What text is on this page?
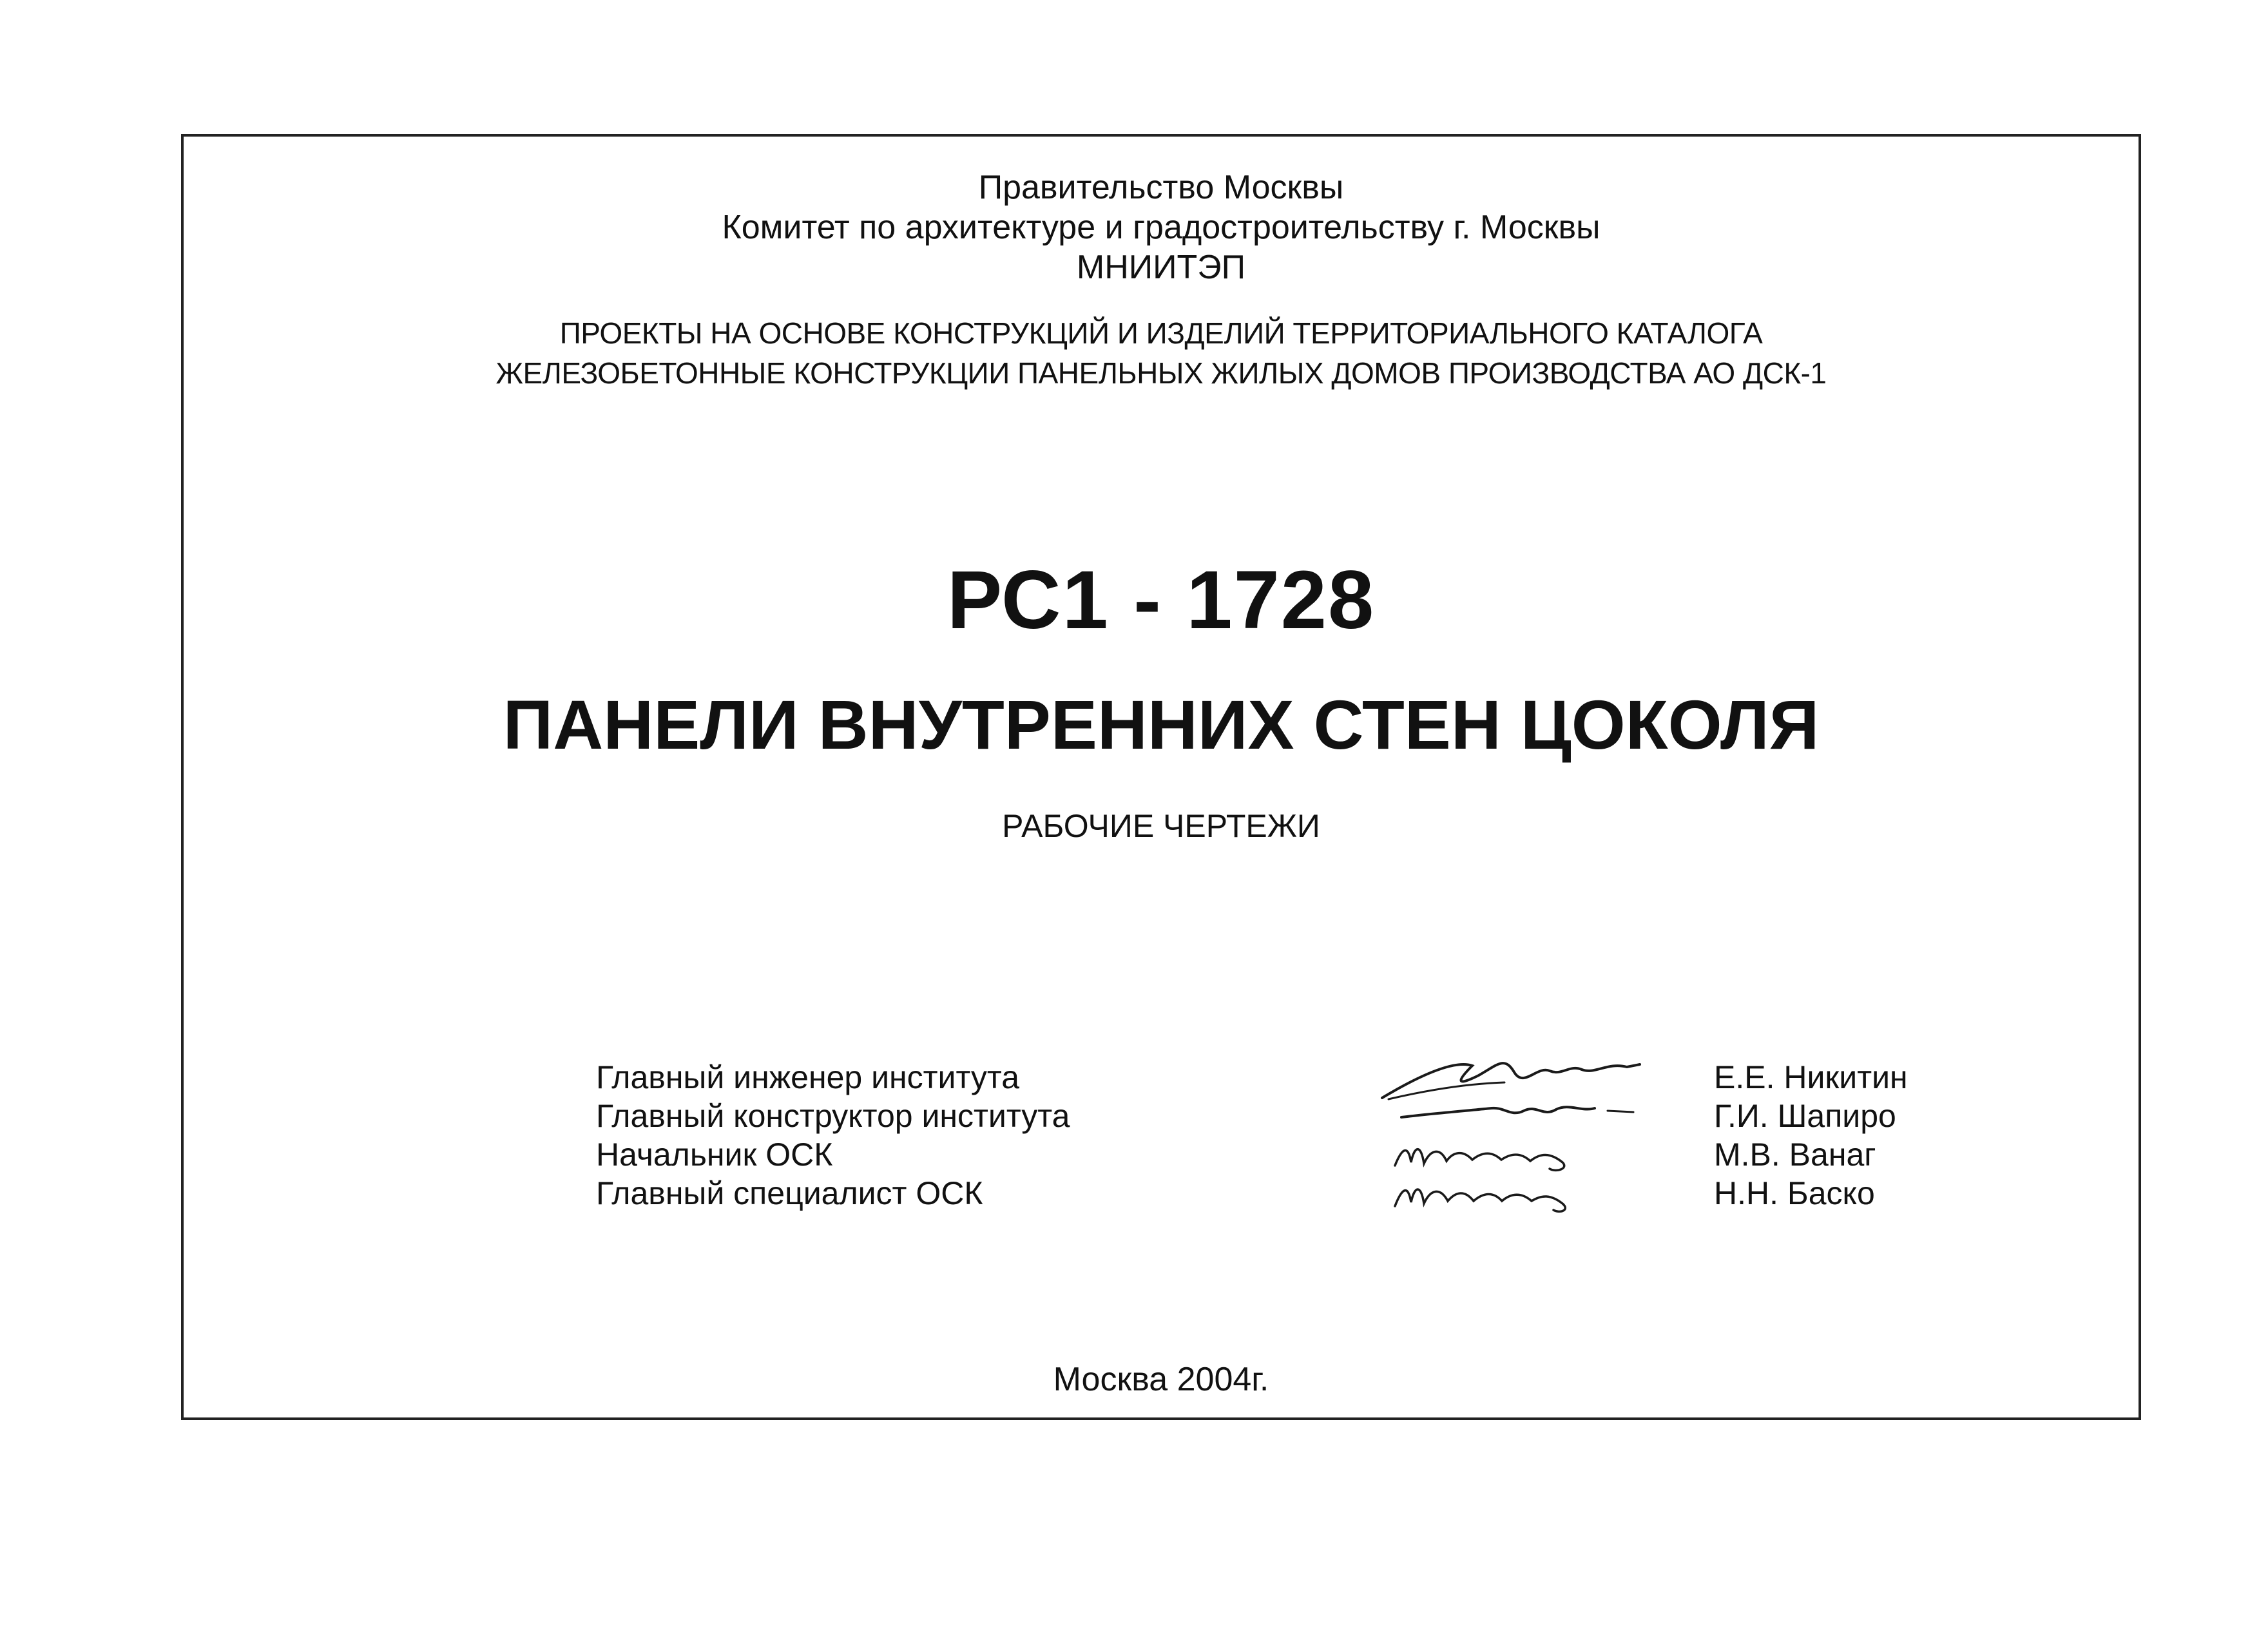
Правительство Москвы
Комитет по архитектуре и градостроительству г. Москвы
МНИИТЭП
ПРОЕКТЫ НА ОСНОВЕ КОНСТРУКЦИЙ И ИЗДЕЛИЙ ТЕРРИТОРИАЛЬНОГО КАТАЛОГА
ЖЕЛЕЗОБЕТОННЫЕ КОНСТРУКЦИИ ПАНЕЛЬНЫХ ЖИЛЫХ ДОМОВ ПРОИЗВОДСТВА АО ДСК-1
РС1 - 1728
ПАНЕЛИ ВНУТРЕННИХ СТЕН ЦОКОЛЯ
РАБОЧИЕ ЧЕРТЕЖИ
Главный инженер института	Е.Е. Никитин
Главный конструктор института	Г.И. Шапиро
Начальник ОСК	М.В. Ванаг
Главный специалист ОСК	Н.Н. Баско
Москва 2004г.
